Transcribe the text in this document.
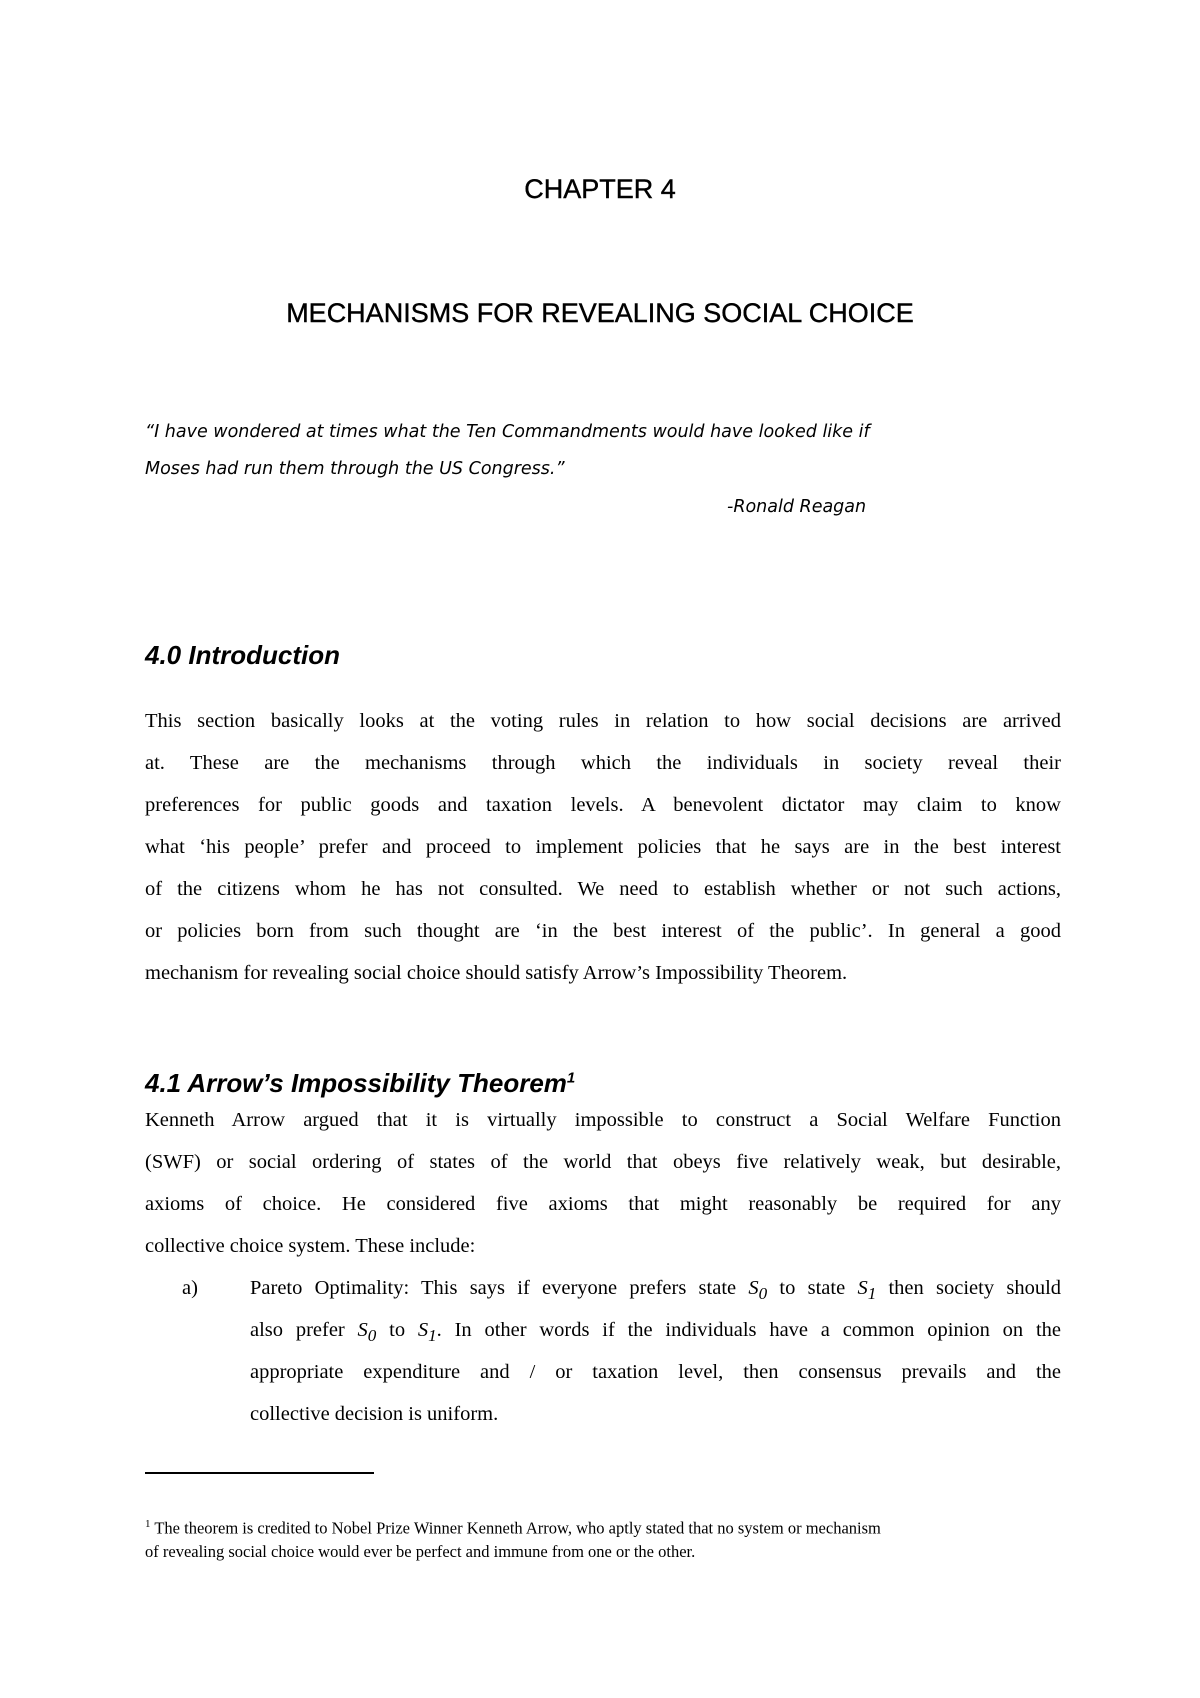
CHAPTER 4
MECHANISMS FOR REVEALING SOCIAL CHOICE
“I have wondered at times what the Ten Commandments would have looked like if
Moses had run them through the US Congress.”
-Ronald Reagan
4.0 Introduction
This section basically looks at the voting rules in relation to how social decisions are arrived
at. These are the mechanisms through which the individuals in society reveal their
preferences for public goods and taxation levels. A benevolent dictator may claim to know
what ‘his people’ prefer and proceed to implement policies that he says are in the best interest
of the citizens whom he has not consulted. We need to establish whether or not such actions,
or policies born from such thought are ‘in the best interest of the public’. In general a good
mechanism for revealing social choice should satisfy Arrow’s Impossibility Theorem.
4.1 Arrow’s Impossibility Theorem$^1$
Kenneth Arrow argued that it is virtually impossible to construct a Social Welfare Function
(SWF) or social ordering of states of the world that obeys five relatively weak, but desirable,
axioms of choice. He considered five axioms that might reasonably be required for any
collective choice system. These include:
a)	Pareto Optimality: This says if everyone prefers state $S_0$ to state $S_1$ then society should
also prefer $S_0$ to $S_1$. In other words if the individuals have a common opinion on the
appropriate expenditure and / or taxation level, then consensus prevails and the
collective decision is uniform.
$^1$ The theorem is credited to Nobel Prize Winner Kenneth Arrow, who aptly stated that no system or mechanism
of revealing social choice would ever be perfect and immune from one or the other.
